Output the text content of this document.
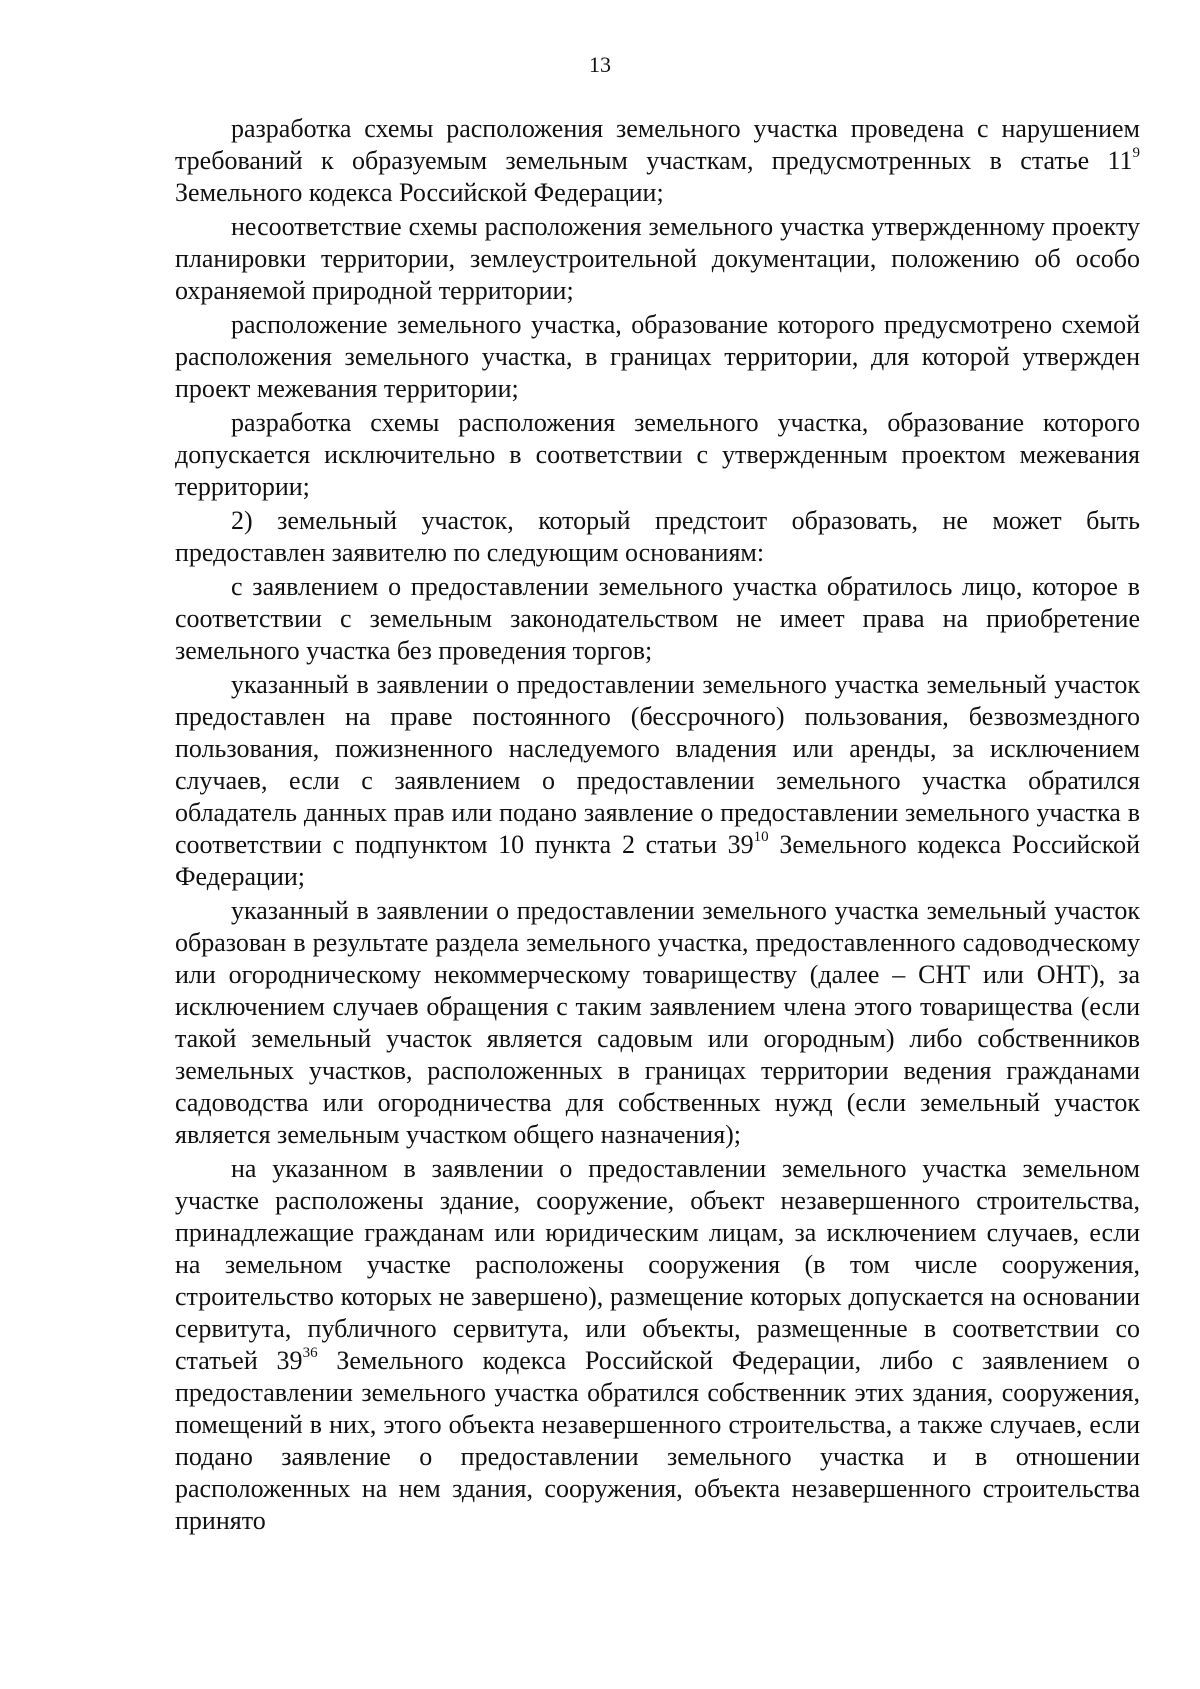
13

разработка схемы расположения земельного участка проведена с нарушением требований к образуемым земельным участкам, предусмотренных в статье $11^9$ Земельного кодекса Российской Федерации;

несоответствие схемы расположения земельного участка утвержденному проекту планировки территории, землеустроительной документации, положению об особо охраняемой природной территории;

расположение земельного участка, образование которого предусмотрено схемой расположения земельного участка, в границах территории, для которой утвержден проект межевания территории;

разработка схемы расположения земельного участка, образование которого допускается исключительно в соответствии с утвержденным проектом межевания территории;

2) земельный участок, который предстоит образовать, не может быть предоставлен заявителю по следующим основаниям:

с заявлением о предоставлении земельного участка обратилось лицо, которое в соответствии с земельным законодательством не имеет права на приобретение земельного участка без проведения торгов;

указанный в заявлении о предоставлении земельного участка земельный участок предоставлен на праве постоянного (бессрочного) пользования, безвозмездного пользования, пожизненного наследуемого владения или аренды, за исключением случаев, если с заявлением о предоставлении земельного участка обратился обладатель данных прав или подано заявление о предоставлении земельного участка в соответствии с подпунктом 10 пункта 2 статьи $39^{10}$ Земельного кодекса Российской Федерации;

указанный в заявлении о предоставлении земельного участка земельный участок образован в результате раздела земельного участка, предоставленного садоводческому или огородническому некоммерческому товариществу (далее – СНТ или ОНТ), за исключением случаев обращения с таким заявлением члена этого товарищества (если такой земельный участок является садовым или огородным) либо собственников земельных участков, расположенных в границах территории ведения гражданами садоводства или огородничества для собственных нужд (если земельный участок является земельным участком общего назначения);

на указанном в заявлении о предоставлении земельного участка земельном участке расположены здание, сооружение, объект незавершенного строительства, принадлежащие гражданам или юридическим лицам, за исключением случаев, если на земельном участке расположены сооружения (в том числе сооружения, строительство которых не завершено), размещение которых допускается на основании сервитута, публичного сервитута, или объекты, размещенные в соответствии со статьей $39^{36}$ Земельного кодекса Российской Федерации, либо с заявлением о предоставлении земельного участка обратился собственник этих здания, сооружения, помещений в них, этого объекта незавершенного строительства, а также случаев, если подано заявление о предоставлении земельного участка и в отношении расположенных на нем здания, сооружения, объекта незавершенного строительства принято
